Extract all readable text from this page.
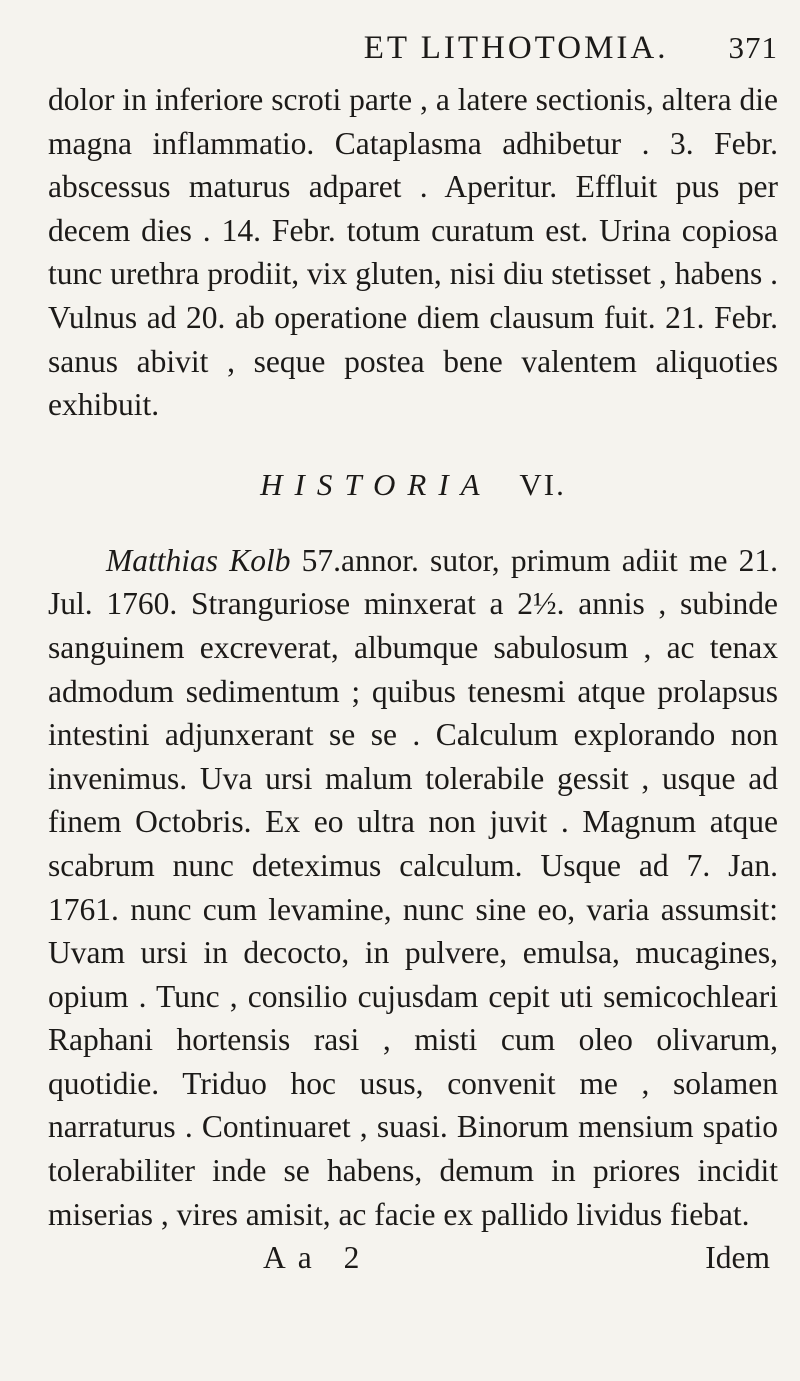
ET LITHOTOMIA. 371

dolor in inferiore scroti parte , a latere sectionis, altera die magna inflammatio. Cataplasma adhibetur . 3. Febr. abscessus maturus adparet . Aperitur. Effluit pus per decem dies . 14. Febr. totum curatum est. Urina copiosa tunc urethra prodiit, vix gluten, nisi diu stetisset , habens . Vulnus ad 20. ab operatione diem clausum fuit. 21. Febr. sanus abivit , seque postea bene valentem aliquoties exhibuit.

HISTORIA VI.

Matthias Kolb 57.annor. sutor, primum adiit me 21. Jul. 1760. Stranguriose minxerat a 2½. annis , subinde sanguinem excreverat, albumque sabulosum , ac tenax admodum sedimentum ; quibus tenesmi atque prolapsus intestini adjunxerant se se . Calculum explorando non invenimus. Uva ursi malum tolerabile gessit , usque ad finem Octobris. Ex eo ultra non juvit . Magnum atque scabrum nunc deteximus calculum. Usque ad 7. Jan. 1761. nunc cum levamine, nunc sine eo, varia assumsit: Uvam ursi in decocto, in pulvere, emulsa, mucagines, opium . Tunc , consilio cujusdam cepit uti semicochleari Raphani hortensis rasi , misti cum oleo olivarum, quotidie. Triduo hoc usus, convenit me , solamen narraturus . Continuaret , suasi. Binorum mensium spatio tolerabiliter inde se habens, demum in priores incidit miserias , vires amisit, ac facie ex pallido lividus fiebat.

Aa 2	Idem
